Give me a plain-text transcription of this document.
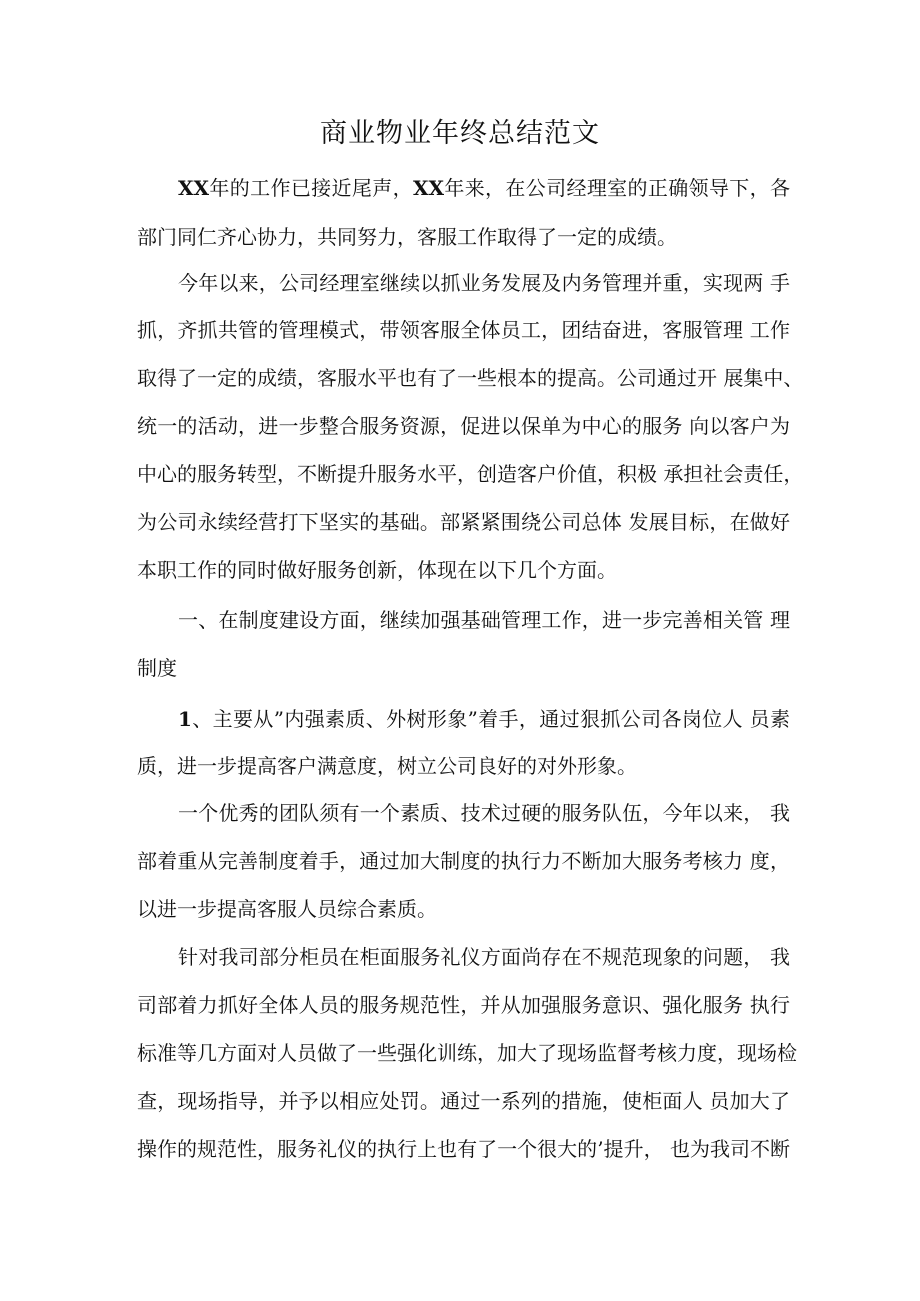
商业物业年终总结范文

XX年的工作已接近尾声，XX年来，在公司经理室的正确领导下，各

部门同仁齐心协力，共同努力，客服工作取得了一定的成绩。

今年以来，公司经理室继续以抓业务发展及内务管理并重，实现两 手

抓，齐抓共管的管理模式，带领客服全体员工，团结奋进，客服管理 工作

取得了一定的成绩，客服水平也有了一些根本的提高。公司通过开 展集中、

统一的活动，进一步整合服务资源，促进以保单为中心的服务 向以客户为

中心的服务转型，不断提升服务水平，创造客户价值，积极 承担社会责任，

为公司永续经营打下坚实的基础。部紧紧围绕公司总体 发展目标，在做好

本职工作的同时做好服务创新，体现在以下几个方面。

一、在制度建设方面，继续加强基础管理工作，进一步完善相关管 理

制度

1、主要从”内强素质、外树形象”着手，通过狠抓公司各岗位人 员素

质，进一步提高客户满意度，树立公司良好的对外形象。

一个优秀的团队须有一个素质、技术过硬的服务队伍，今年以来， 我

部着重从完善制度着手，通过加大制度的执行力不断加大服务考核力 度，

以进一步提高客服人员综合素质。

针对我司部分柜员在柜面服务礼仪方面尚存在不规范现象的问题， 我

司部着力抓好全体人员的服务规范性，并从加强服务意识、强化服务 执行

标准等几方面对人员做了一些强化训练，加大了现场监督考核力度，现场检

查，现场指导，并予以相应处罚。通过一系列的措施，使柜面人 员加大了

操作的规范性，服务礼仪的执行上也有了一个很大的’提升， 也为我司不断
